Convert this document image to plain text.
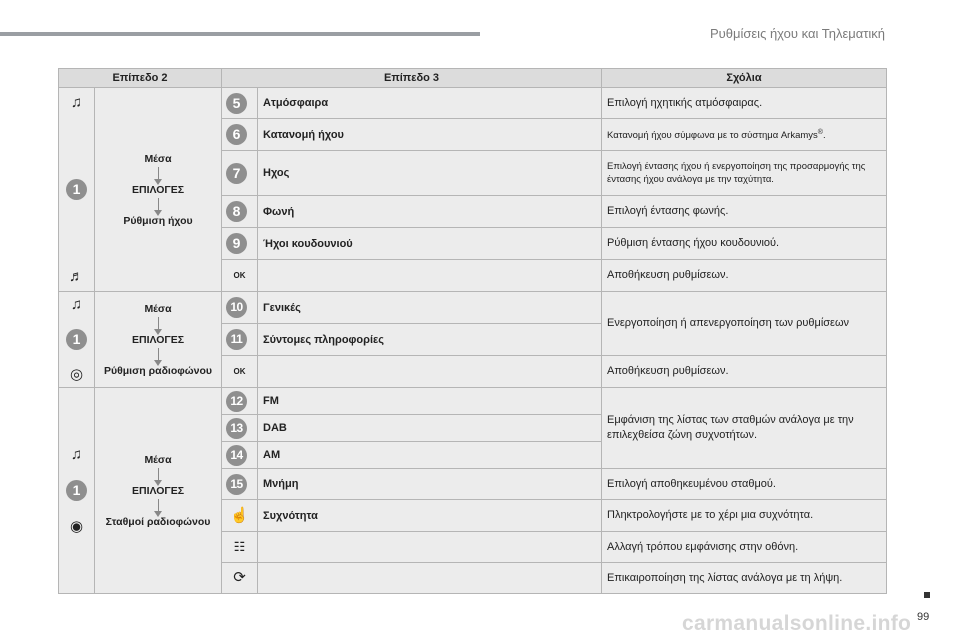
Ρυθμίσεις ήχου και Τηλεματική
Επίπεδο 2		Επίπεδο 3		Σχόλια

♫
1
♬	Μέσα
ΕΠΙΛΟΓΕΣ
Ρύθμιση ήχου	5	Ατμόσφαιρα	Επιλογή ηχητικής ατμόσφαιρας.
		6	Κατανομή ήχου	Κατανομή ήχου σύμφωνα με το σύστημα Arkamys®.
		7	Ηχος	Επιλογή έντασης ήχου ή ενεργοποίηση της προσαρμογής της έντασης ήχου ανάλογα με την ταχύτητα.
		8	Φωνή	Επιλογή έντασης φωνής.
		9	Ήχοι κουδουνιού	Ρύθμιση έντασης ήχου κουδουνιού.
		OK		Αποθήκευση ρυθμίσεων.

♫
1
◎	Μέσα
ΕΠΙΛΟΓΕΣ
Ρύθμιση ραδιοφώνου	10	Γενικές	Ενεργοποίηση ή απενεργοποίηση των ρυθμίσεων
		11	Σύντομες πληροφορίες	
		OK		Αποθήκευση ρυθμίσεων.

♫
1
◉	Μέσα
ΕΠΙΛΟΓΕΣ
Σταθμοί ραδιοφώνου	12	FM	Εμφάνιση της λίστας των σταθμών ανάλογα με την επιλεχθείσα ζώνη συχνοτήτων.
		13	DAB	
		14	AM	
		15	Μνήμη	Επιλογή αποθηκευμένου σταθμού.
		☝	Συχνότητα	Πληκτρολογήστε με το χέρι μια συχνότητα.
		☷		Αλλαγή τρόπου εμφάνισης στην οθόνη.
		⟳		Επικαιροποίηση της λίστας ανάλογα με τη λήψη.
carmanualsonline.info 99
